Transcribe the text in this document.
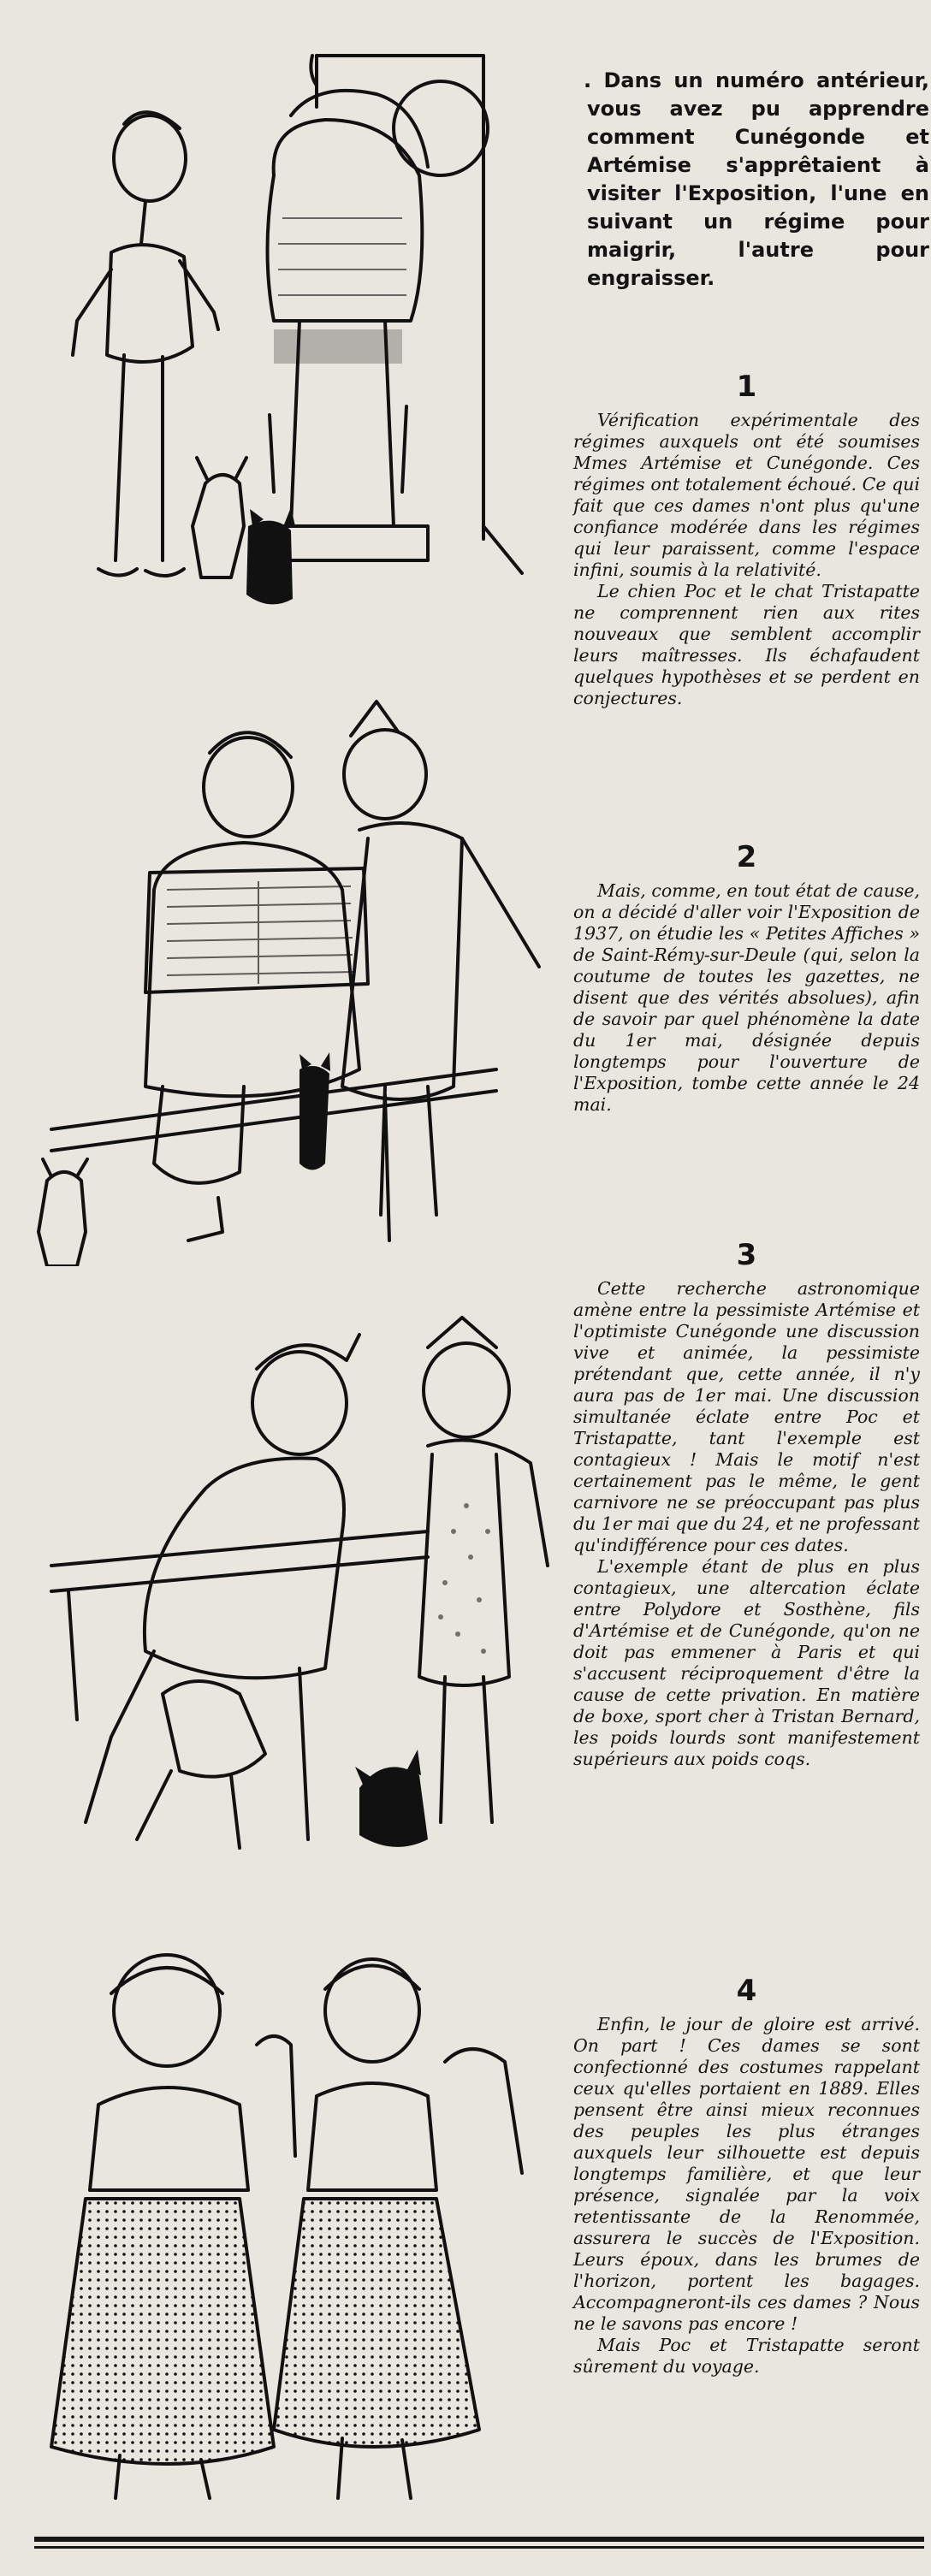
. Dans un numéro antérieur, vous avez pu apprendre comment Cunégonde et Artémise s'apprêtaient à visiter l'Exposition, l'une en suivant un régime pour maigrir, l'autre pour engraisser.
1

Vérification expérimentale des régimes auxquels ont été soumises Mmes Artémise et Cunégonde. Ces régimes ont totalement échoué. Ce qui fait que ces dames n'ont plus qu'une confiance modérée dans les régimes qui leur paraissent, comme l'espace infini, soumis à la relativité.

Le chien Poc et le chat Tristapatte ne comprennent rien aux rites nouveaux que semblent accomplir leurs maîtresses. Ils échafaudent quelques hypothèses et se perdent en conjectures.

2

Mais, comme, en tout état de cause, on a décidé d'aller voir l'Exposition de 1937, on étudie les « Petites Affiches » de Saint-Rémy-sur-Deule (qui, selon la coutume de toutes les gazettes, ne disent que des vérités absolues), afin de savoir par quel phénomène la date du 1er mai, désignée depuis longtemps pour l'ouverture de l'Exposition, tombe cette année le 24 mai.

3

Cette recherche astronomique amène entre la pessimiste Artémise et l'optimiste Cunégonde une discussion vive et animée, la pessimiste prétendant que, cette année, il n'y aura pas de 1er mai. Une discussion simultanée éclate entre Poc et Tristapatte, tant l'exemple est contagieux ! Mais le motif n'est certainement pas le même, le gent carnivore ne se préoccupant pas plus du 1er mai que du 24, et ne professant qu'indifférence pour ces dates.

L'exemple étant de plus en plus contagieux, une altercation éclate entre Polydore et Sosthène, fils d'Artémise et de Cunégonde, qu'on ne doit pas emmener à Paris et qui s'accusent réciproquement d'être la cause de cette privation. En matière de boxe, sport cher à Tristan Bernard, les poids lourds sont manifestement supérieurs aux poids coqs.

4

Enfin, le jour de gloire est arrivé. On part ! Ces dames se sont confectionné des costumes rappelant ceux qu'elles portaient en 1889. Elles pensent être ainsi mieux reconnues des peuples les plus étranges auxquels leur silhouette est depuis longtemps familière, et que leur présence, signalée par la voix retentissante de la Renommée, assurera le succès de l'Exposition. Leurs époux, dans les brumes de l'horizon, portent les bagages. Accompagneront-ils ces dames ? Nous ne le savons pas encore !

Mais Poc et Tristapatte seront sûrement du voyage.
